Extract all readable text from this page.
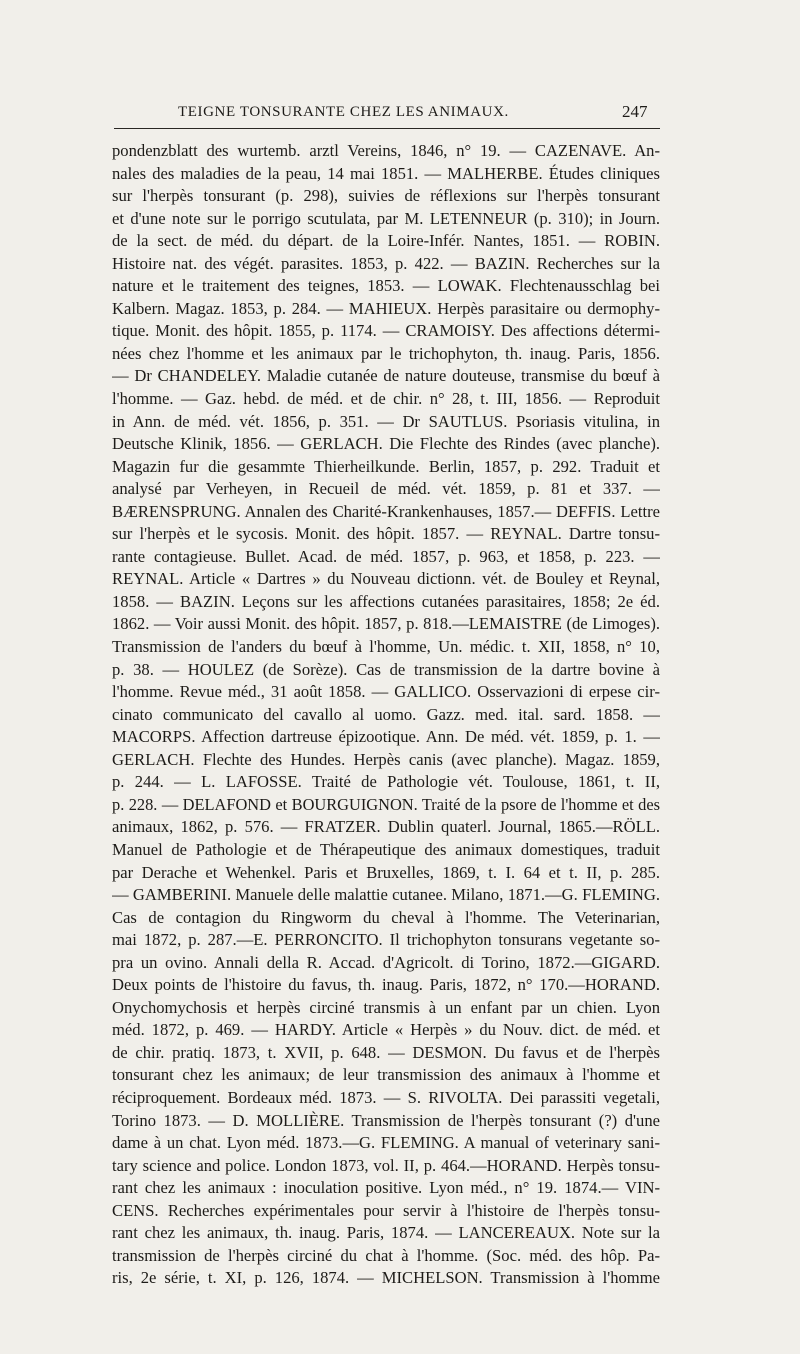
TEIGNE TONSURANTE CHEZ LES ANIMAUX.	247
pondenzblatt des wurtemb. arztl Vereins, 1846, n° 19. — CAZENAVE. An-
nales des maladies de la peau, 14 mai 1851. — MALHERBE. Études cliniques
sur l'herpès tonsurant (p. 298), suivies de réflexions sur l'herpès tonsurant
et d'une note sur le porrigo scutulata, par M. LETENNEUR (p. 310); in Journ.
de la sect. de méd. du départ. de la Loire-Infér. Nantes, 1851. — ROBIN.
Histoire nat. des végét. parasites. 1853, p. 422. — BAZIN. Recherches sur la
nature et le traitement des teignes, 1853. — LOWAK. Flechtenausschlag bei
Kalbern. Magaz. 1853, p. 284. — MAHIEUX. Herpès parasitaire ou dermophy-
tique. Monit. des hôpit. 1855, p. 1174. — CRAMOISY. Des affections détermi-
nées chez l'homme et les animaux par le trichophyton, th. inaug. Paris, 1856.
— Dr CHANDELEY. Maladie cutanée de nature douteuse, transmise du bœuf à
l'homme. — Gaz. hebd. de méd. et de chir. n° 28, t. III, 1856. — Reproduit
in Ann. de méd. vét. 1856, p. 351. — Dr SAUTLUS. Psoriasis vitulina, in
Deutsche Klinik, 1856. — GERLACH. Die Flechte des Rindes (avec planche).
Magazin fur die gesammte Thierheilkunde. Berlin, 1857, p. 292. Traduit et
analysé par Verheyen, in Recueil de méd. vét. 1859, p. 81 et 337. —
BÆRENSPRUNG. Annalen des Charité-Krankenhauses, 1857.— DEFFIS. Lettre
sur l'herpès et le sycosis. Monit. des hôpit. 1857. — REYNAL. Dartre tonsu-
rante contagieuse. Bullet. Acad. de méd. 1857, p. 963, et 1858, p. 223. —
REYNAL. Article « Dartres » du Nouveau dictionn. vét. de Bouley et Reynal,
1858. — BAZIN. Leçons sur les affections cutanées parasitaires, 1858; 2e éd.
1862. — Voir aussi Monit. des hôpit. 1857, p. 818.—LEMAISTRE (de Limoges).
Transmission de l'anders du bœuf à l'homme, Un. médic. t. XII, 1858, n° 10,
p. 38. — HOULEZ (de Sorèze). Cas de transmission de la dartre bovine à
l'homme. Revue méd., 31 août 1858. — GALLICO. Osservazioni di erpese cir-
cinato communicato del cavallo al uomo. Gazz. med. ital. sard. 1858. —
MACORPS. Affection dartreuse épizootique. Ann. De méd. vét. 1859, p. 1. —
GERLACH. Flechte des Hundes. Herpès canis (avec planche). Magaz. 1859,
p. 244. — L. LAFOSSE. Traité de Pathologie vét. Toulouse, 1861, t. II,
p. 228. — DELAFOND et BOURGUIGNON. Traité de la psore de l'homme et des
animaux, 1862, p. 576. — FRATZER. Dublin quaterl. Journal, 1865.—RÖLL.
Manuel de Pathologie et de Thérapeutique des animaux domestiques, traduit
par Derache et Wehenkel. Paris et Bruxelles, 1869, t. I. 64 et t. II, p. 285.
— GAMBERINI. Manuele delle malattie cutanee. Milano, 1871.—G. FLEMING.
Cas de contagion du Ringworm du cheval à l'homme. The Veterinarian,
mai 1872, p. 287.—E. PERRONCITO. Il trichophyton tonsurans vegetante so-
pra un ovino. Annali della R. Accad. d'Agricolt. di Torino, 1872.—GIGARD.
Deux points de l'histoire du favus, th. inaug. Paris, 1872, n° 170.—HORAND.
Onychomychosis et herpès circiné transmis à un enfant par un chien. Lyon
méd. 1872, p. 469. — HARDY. Article « Herpès » du Nouv. dict. de méd. et
de chir. pratiq. 1873, t. XVII, p. 648. — DESMON. Du favus et de l'herpès
tonsurant chez les animaux; de leur transmission des animaux à l'homme et
réciproquement. Bordeaux méd. 1873. — S. RIVOLTA. Dei parassiti vegetali,
Torino 1873. — D. MOLLIÈRE. Transmission de l'herpès tonsurant (?) d'une
dame à un chat. Lyon méd. 1873.—G. FLEMING. A manual of veterinary sani-
tary science and police. London 1873, vol. II, p. 464.—HORAND. Herpès tonsu-
rant chez les animaux : inoculation positive. Lyon méd., n° 19. 1874.— VIN-
CENS. Recherches expérimentales pour servir à l'histoire de l'herpès tonsu-
rant chez les animaux, th. inaug. Paris, 1874. — LANCEREAUX. Note sur la
transmission de l'herpès circiné du chat à l'homme. (Soc. méd. des hôp. Pa-
ris, 2e série, t. XI, p. 126, 1874. — MICHELSON. Transmission à l'homme
